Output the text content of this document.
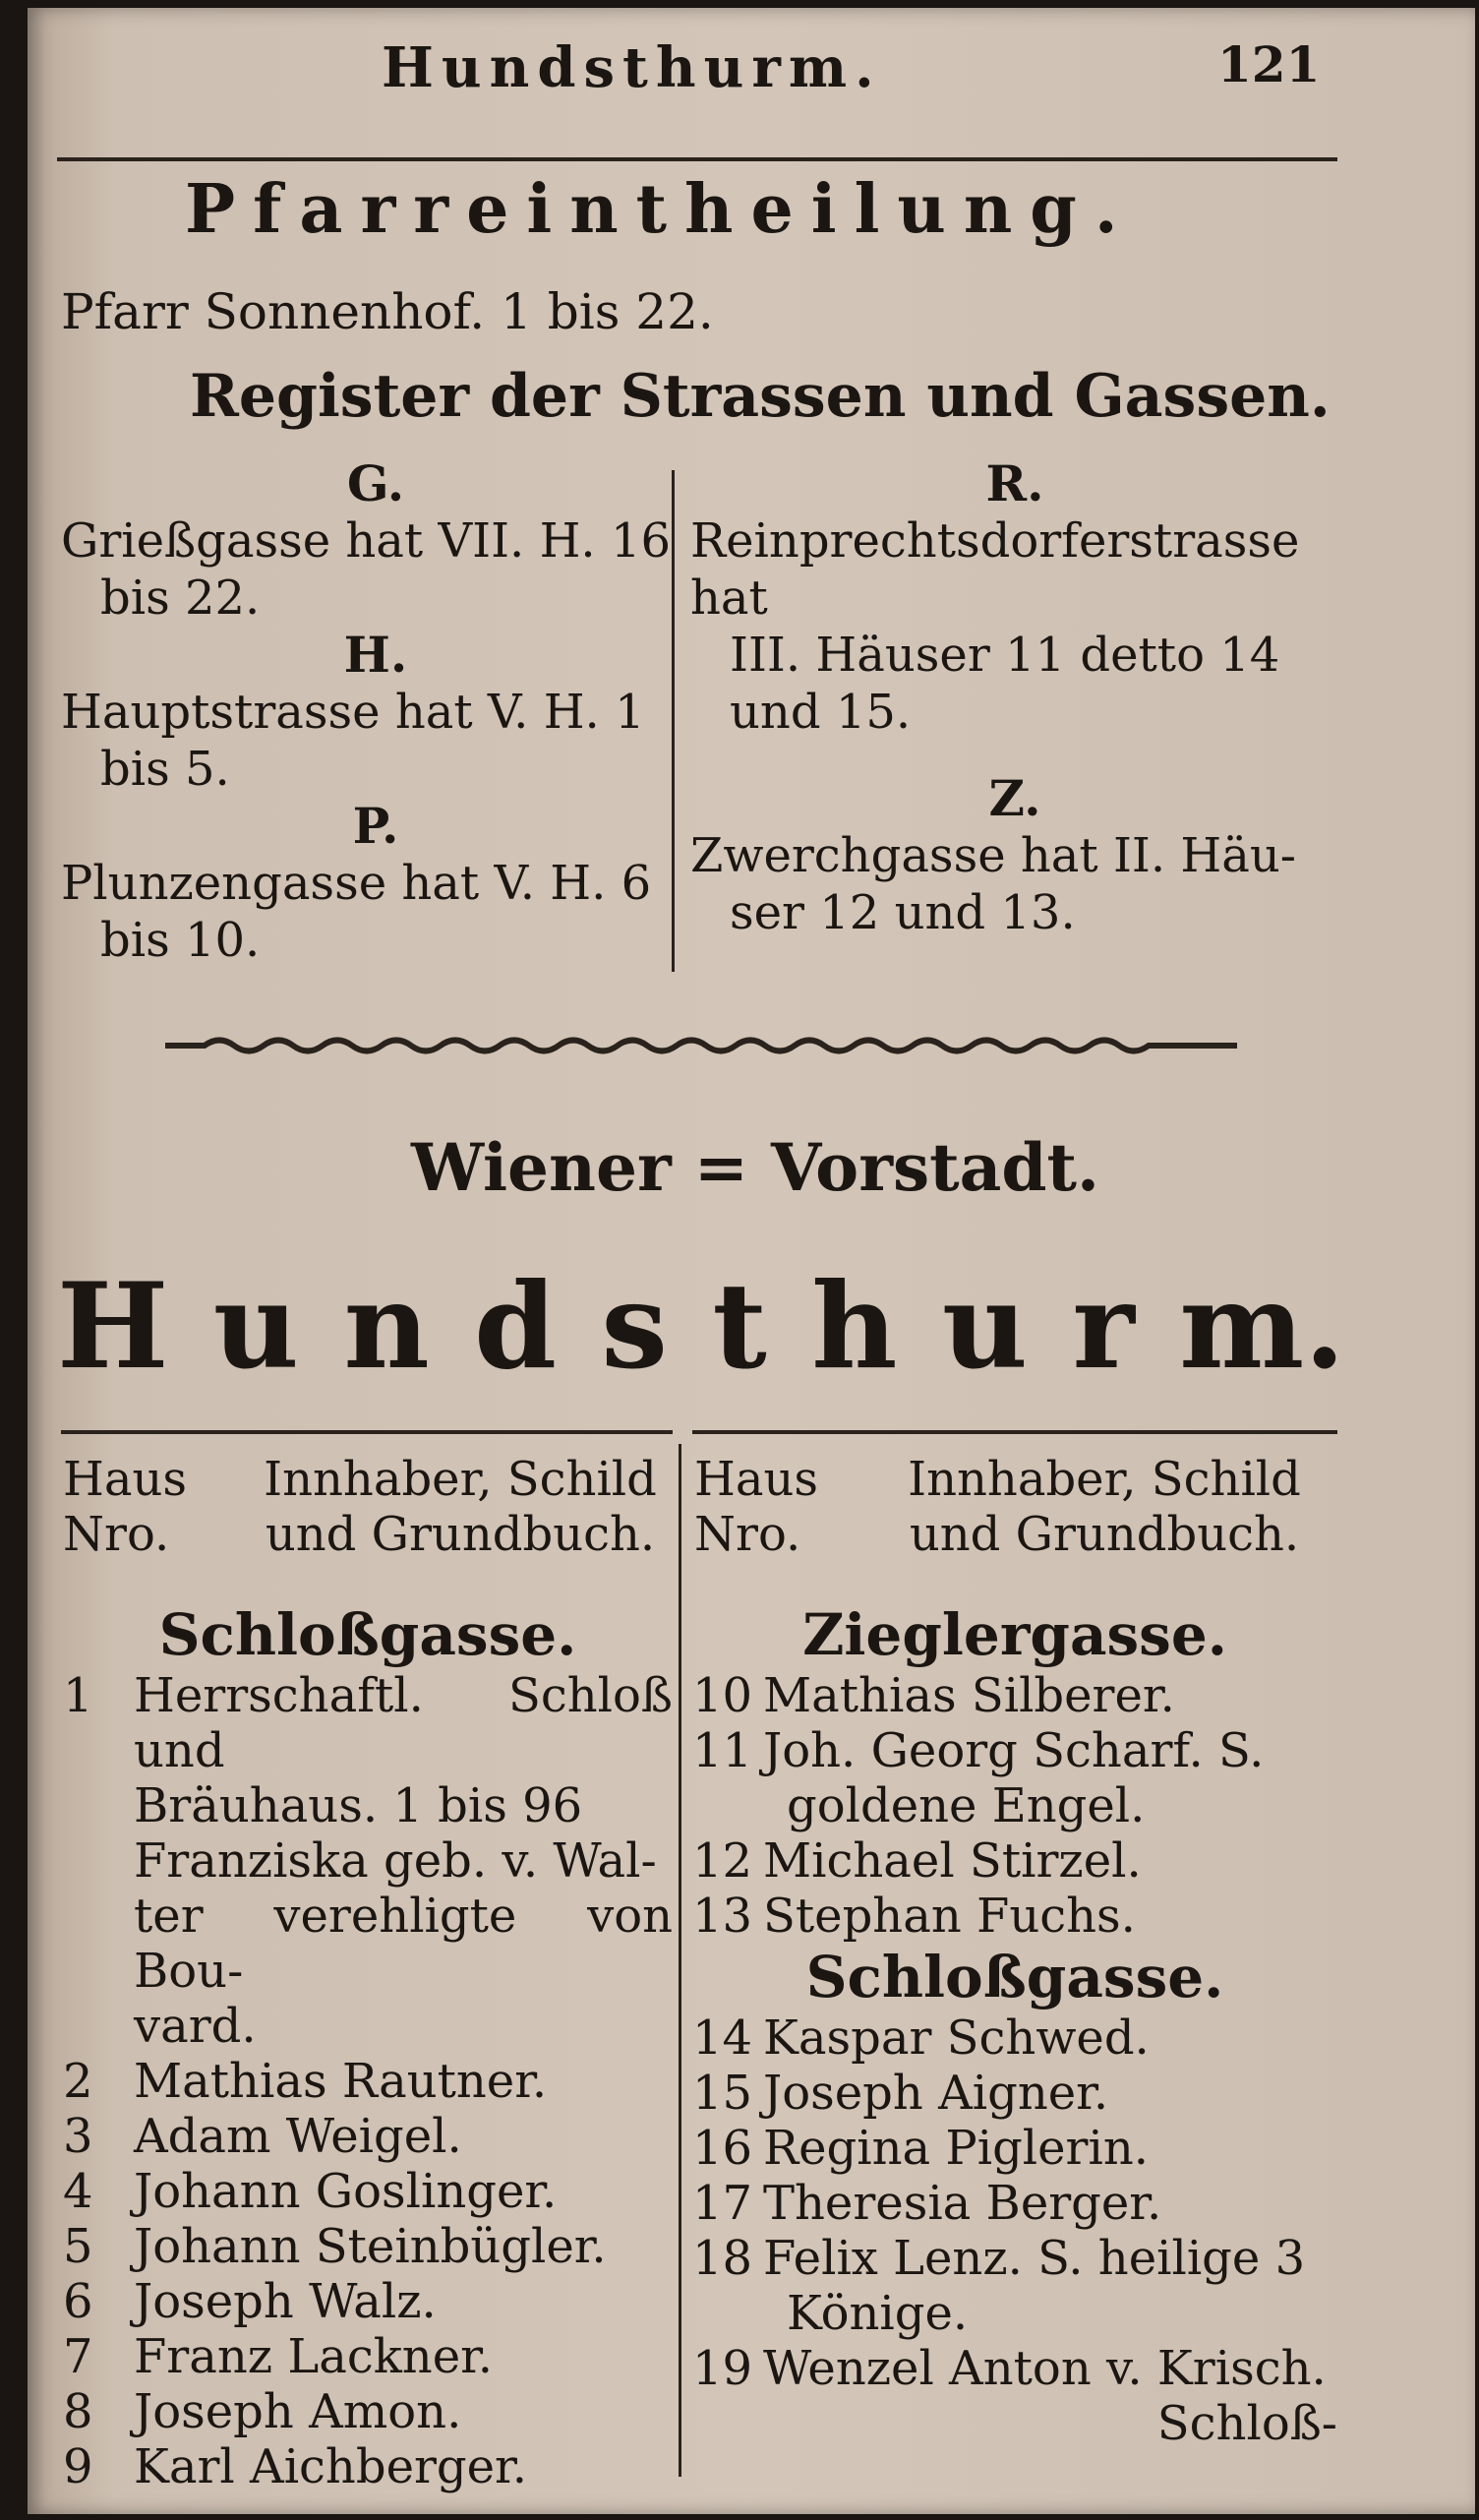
Hundsthurm.	121
Pfarreintheilung.
Pfarr Sonnenhof. 1 bis 22.
Register der Strassen und Gassen.
G.
Grießgasse hat VII. H. 16
bis 22.
H.
Hauptstrasse hat V. H. 1
bis 5.
P.
Plunzengasse hat V. H. 6
bis 10.
R.
Reinprechtsdorferstrasse hat
III. Häuser 11 detto 14
und 15.
Z.
Zwerchgasse hat II. Häu-
ser 12 und 13.
Wiener = Vorstadt.
H u n d s t h u r m.
Haus
Nro.
Innhaber, Schild
und Grundbuch.
Haus
Nro.
Innhaber, Schild
und Grundbuch.
Schloßgasse.
1 Herrschaftl. Schloß und
Bräuhaus. 1 bis 96
Franziska geb. v. Wal-
ter verehligte von Bou-
vard.
2 Mathias Rautner.
3 Adam Weigel.
4 Johann Goslinger.
5 Johann Steinbügler.
6 Joseph Walz.
7 Franz Lackner.
8 Joseph Amon.
9 Karl Aichberger.
Zieglergasse.
10 Mathias Silberer.
11 Joh. Georg Scharf. S.
goldene Engel.
12 Michael Stirzel.
13 Stephan Fuchs.
Schloßgasse.
14 Kaspar Schwed.
15 Joseph Aigner.
16 Regina Piglerin.
17 Theresia Berger.
18 Felix Lenz. S. heilige 3
Könige.
19 Wenzel Anton v. Krisch.
Schloß-
